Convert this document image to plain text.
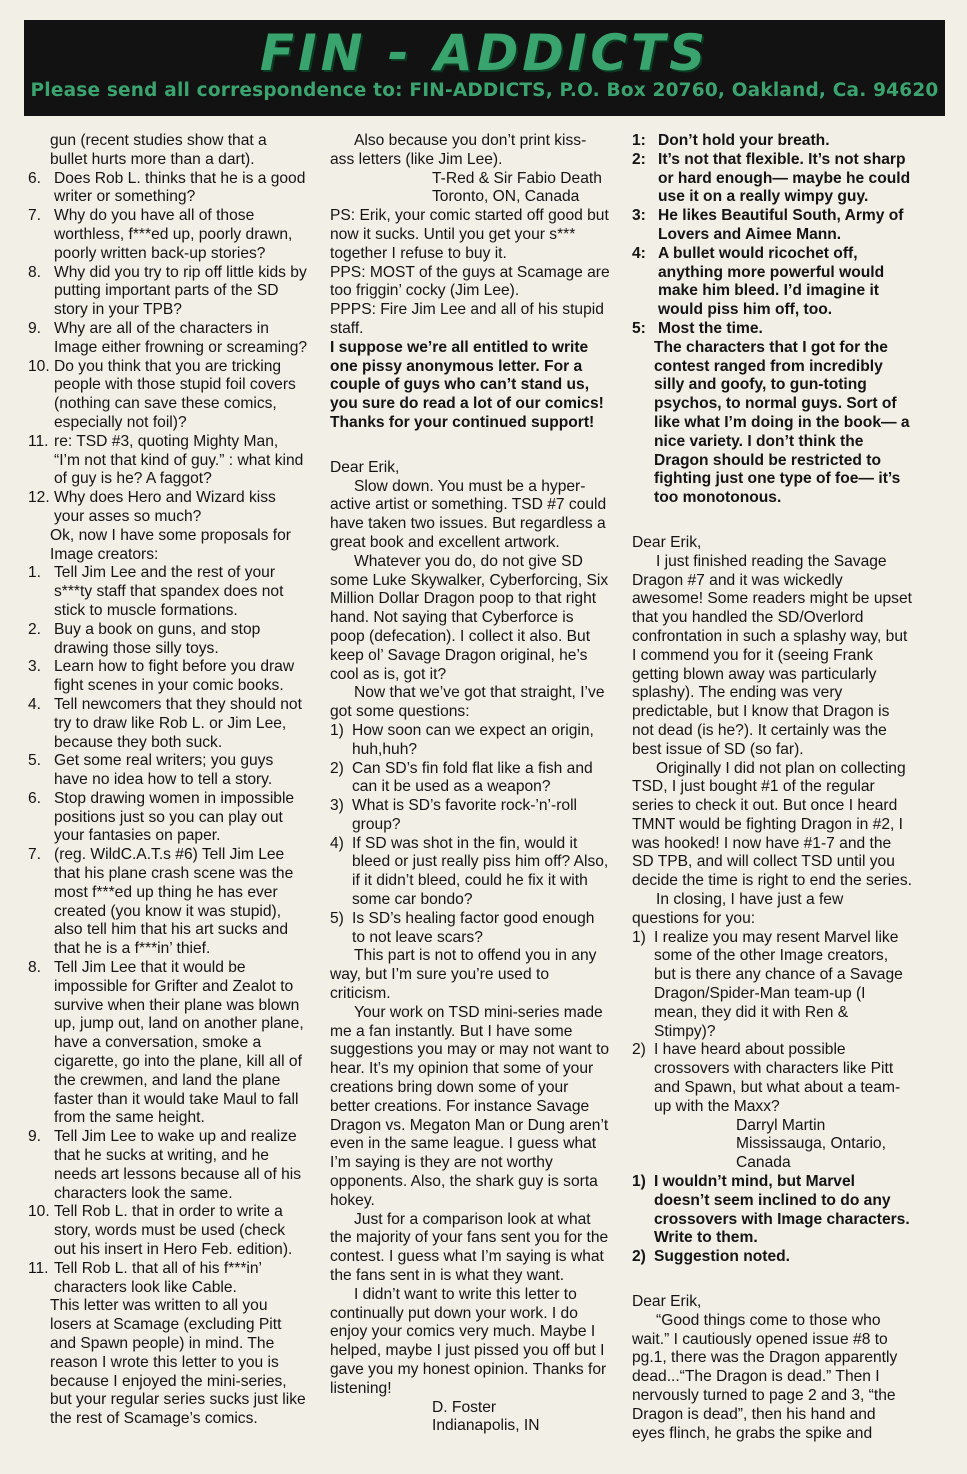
FIN - ADDICTS
Please send all correspondence to: FIN-ADDICTS, P.O. Box 20760, Oakland, Ca. 94620

gun (recent studies show that a bullet hurts more than a dart).

6. Does Rob L. thinks that he is a good writer or something?
7. Why do you have all of those worthless, f***ed up, poorly drawn, poorly written back-up stories?
8. Why did you try to rip off little kids by putting important parts of the SD story in your TPB?
9. Why are all of the characters in Image either frowning or screaming?
10. Do you think that you are tricking people with those stupid foil covers (nothing can save these comics, especially not foil)?
11. re: TSD #3, quoting Mighty Man, “I’m not that kind of guy.” : what kind of guy is he? A faggot?
12. Why does Hero and Wizard kiss your asses so much?

Ok, now I have some proposals for Image creators:

1. Tell Jim Lee and the rest of your s***ty staff that spandex does not stick to muscle formations.
2. Buy a book on guns, and stop drawing those silly toys.
3. Learn how to fight before you draw fight scenes in your comic books.
4. Tell newcomers that they should not try to draw like Rob L. or Jim Lee, because they both suck.
5. Get some real writers; you guys have no idea how to tell a story.
6. Stop drawing women in impossible positions just so you can play out your fantasies on paper.
7. (reg. WildC.A.T.s #6) Tell Jim Lee that his plane crash scene was the most f***ed up thing he has ever created (you know it was stupid), also tell him that his art sucks and that he is a f***in’ thief.
8. Tell Jim Lee that it would be impossible for Grifter and Zealot to survive when their plane was blown up, jump out, land on another plane, have a conversation, smoke a cigarette, go into the plane, kill all of the crewmen, and land the plane faster than it would take Maul to fall from the same height.
9. Tell Jim Lee to wake up and realize that he sucks at writing, and he needs art lessons because all of his characters look the same.
10. Tell Rob L. that in order to write a story, words must be used (check out his insert in Hero Feb. edition).
11. Tell Rob L. that all of his f***in’ characters look like Cable.

This letter was written to all you losers at Scamage (excluding Pitt and Spawn people) in mind. The reason I wrote this letter to you is because I enjoyed the mini-series, but your regular series sucks just like the rest of Scamage’s comics.

Also because you don’t print kiss-ass letters (like Jim Lee).

T-Red & Sir Fabio Death

Toronto, ON, Canada

PS: Erik, your comic started off good but now it sucks. Until you get your s*** together I refuse to buy it.

PPS: MOST of the guys at Scamage are too friggin’ cocky (Jim Lee).

PPPS: Fire Jim Lee and all of his stupid staff.

I suppose we’re all entitled to write one pissy anonymous letter. For a couple of guys who can’t stand us, you sure do read a lot of our comics! Thanks for your continued support!

Dear Erik,

Slow down. You must be a hyper-active artist or something. TSD #7 could have taken two issues. But regardless a great book and excellent artwork.

Whatever you do, do not give SD some Luke Skywalker, Cyberforcing, Six Million Dollar Dragon poop to that right hand. Not saying that Cyberforce is poop (defecation). I collect it also. But keep ol’ Savage Dragon original, he’s cool as is, got it?

Now that we’ve got that straight, I’ve got some questions:

1) How soon can we expect an origin, huh,huh?
2) Can SD’s fin fold flat like a fish and can it be used as a weapon?
3) What is SD’s favorite rock-’n’-roll group?
4) If SD was shot in the fin, would it bleed or just really piss him off? Also, if it didn’t bleed, could he fix it with some car bondo?
5) Is SD’s healing factor good enough to not leave scars?

This part is not to offend you in any way, but I’m sure you’re used to criticism.

Your work on TSD mini-series made me a fan instantly. But I have some suggestions you may or may not want to hear. It’s my opinion that some of your creations bring down some of your better creations. For instance Savage Dragon vs. Megaton Man or Dung aren’t even in the same league. I guess what I’m saying is they are not worthy opponents. Also, the shark guy is sorta hokey.

Just for a comparison look at what the majority of your fans sent you for the contest. I guess what I’m saying is what the fans sent in is what they want.

I didn’t want to write this letter to continually put down your work. I do enjoy your comics very much. Maybe I helped, maybe I just pissed you off but I gave you my honest opinion. Thanks for listening!

D. Foster

Indianapolis, IN

1: Don’t hold your breath.
2: It’s not that flexible. It’s not sharp or hard enough— maybe he could use it on a really wimpy guy.
3: He likes Beautiful South, Army of Lovers and Aimee Mann.
4: A bullet would ricochet off, anything more powerful would make him bleed. I’d imagine it would piss him off, too.
5: Most the time.

The characters that I got for the contest ranged from incredibly silly and goofy, to gun-toting psychos, to normal guys. Sort of like what I’m doing in the book— a nice variety. I don’t think the Dragon should be restricted to fighting just one type of foe— it’s too monotonous.

Dear Erik,

I just finished reading the Savage Dragon #7 and it was wickedly awesome! Some readers might be upset that you handled the SD/Overlord confrontation in such a splashy way, but I commend you for it (seeing Frank getting blown away was particularly splashy). The ending was very predictable, but I know that Dragon is not dead (is he?). It certainly was the best issue of SD (so far).

Originally I did not plan on collecting TSD, I just bought #1 of the regular series to check it out. But once I heard TMNT would be fighting Dragon in #2, I was hooked! I now have #1-7 and the SD TPB, and will collect TSD until you decide the time is right to end the series.

In closing, I have just a few questions for you:

1) I realize you may resent Marvel like some of the other Image creators, but is there any chance of a Savage Dragon/Spider-Man team-up (I mean, they did it with Ren & Stimpy)?
2) I have heard about possible crossovers with characters like Pitt and Spawn, but what about a team-up with the Maxx?

Darryl Martin

Mississauga, Ontario,

Canada

1) I wouldn’t mind, but Marvel doesn’t seem inclined to do any crossovers with Image characters. Write to them.
2) Suggestion noted.

Dear Erik,

“Good things come to those who wait.” I cautiously opened issue #8 to pg.1, there was the Dragon apparently dead...“The Dragon is dead.” Then I nervously turned to page 2 and 3, “the Dragon is dead”, then his hand and eyes flinch, he grabs the spike and
